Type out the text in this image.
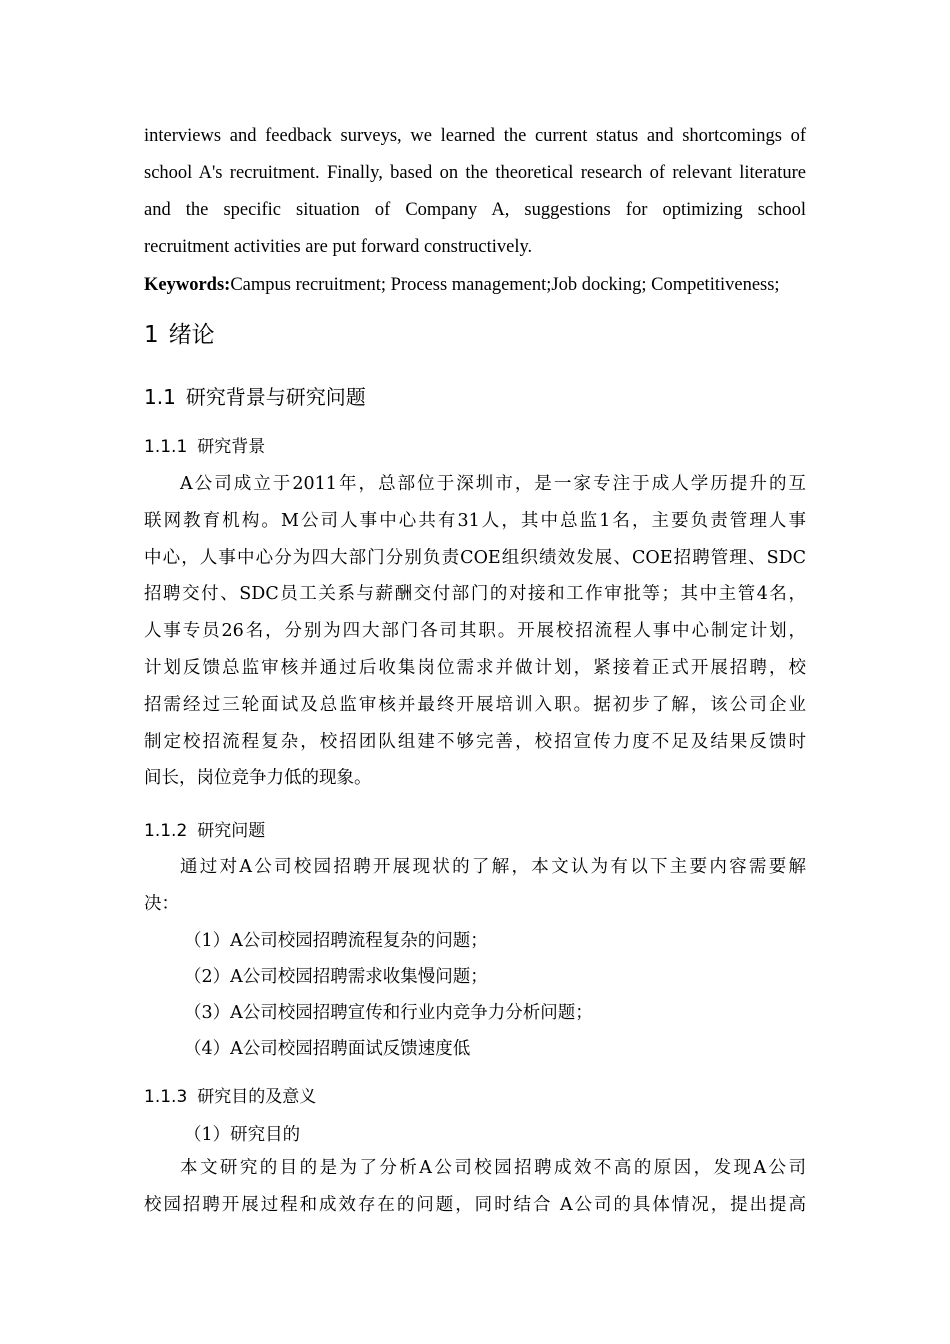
interviews and feedback surveys, we learned the current status and shortcomings of
school A's recruitment. Finally, based on the theoretical research of relevant literature
and the specific situation of Company A, suggestions for optimizing school
recruitment activities are put forward constructively.
Keywords:Campus recruitment; Process management;Job docking; Competitiveness;
1 绪论
1.1 研究背景与研究问题
1.1.1 研究背景
A公司成立于2011年，总部位于深圳市，是一家专注于成人学历提升的互
联网教育机构。M公司人事中心共有31人，其中总监1名，主要负责管理人事
中心，人事中心分为四大部门分别负责COE组织绩效发展、COE招聘管理、SDC
招聘交付、SDC员工关系与薪酬交付部门的对接和工作审批等；其中主管4名，
人事专员26名，分别为四大部门各司其职。开展校招流程人事中心制定计划，
计划反馈总监审核并通过后收集岗位需求并做计划，紧接着正式开展招聘，校
招需经过三轮面试及总监审核并最终开展培训入职。据初步了解，该公司企业
制定校招流程复杂，校招团队组建不够完善，校招宣传力度不足及结果反馈时
间长，岗位竞争力低的现象。
1.1.2 研究问题
通过对A公司校园招聘开展现状的了解，本文认为有以下主要内容需要解
决：
（1）A公司校园招聘流程复杂的问题；
（2）A公司校园招聘需求收集慢问题；
（3）A公司校园招聘宣传和行业内竞争力分析问题；
（4）A公司校园招聘面试反馈速度低
1.1.3 研究目的及意义
（1）研究目的
本文研究的目的是为了分析A公司校园招聘成效不高的原因，发现A公司
校园招聘开展过程和成效存在的问题，同时结合 A公司的具体情况，提出提高
